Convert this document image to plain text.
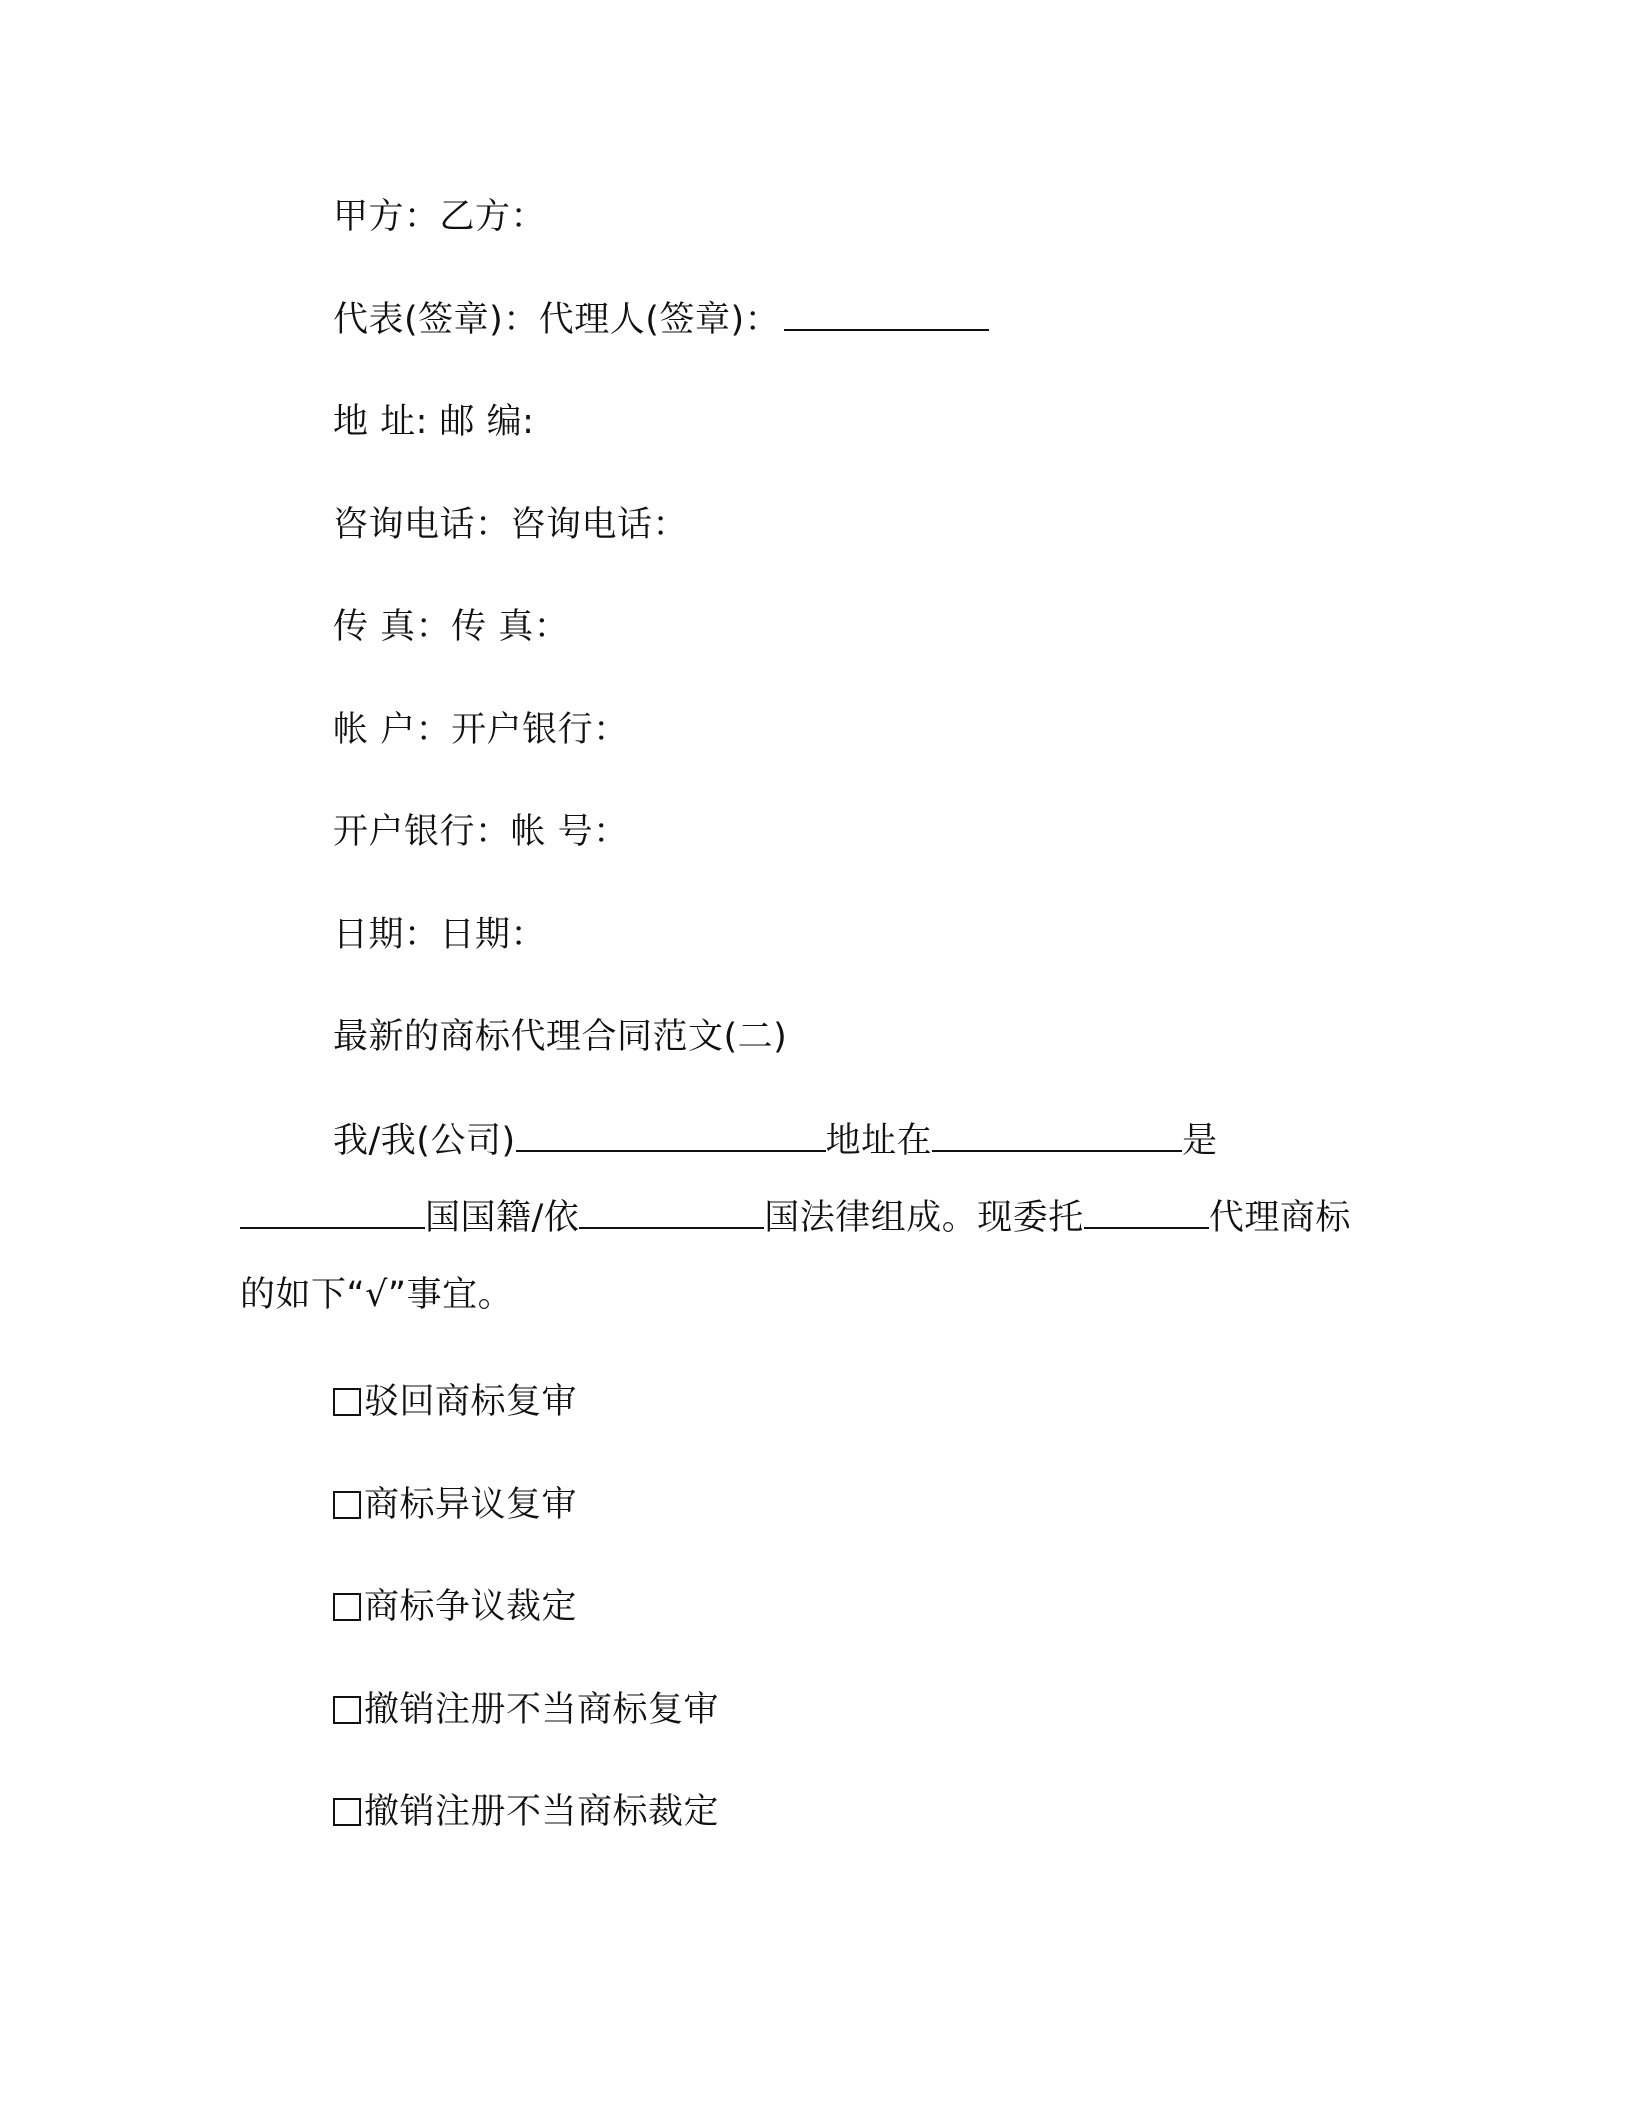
甲方：乙方：
代表(签章)：代理人(签章)：
地 址: 邮 编:
咨询电话：咨询电话：
传 真：传 真：
帐 户：开户银行：
开户银行：帐 号：
日期：日期：
最新的商标代理合同范文(二)
我/我(公司)	地址在	是
国国籍/依	国法律组成。现委托	代理商标的如下“√”事宜。
驳回商标复审
商标异议复审
商标争议裁定
撤销注册不当商标复审
撤销注册不当商标裁定
